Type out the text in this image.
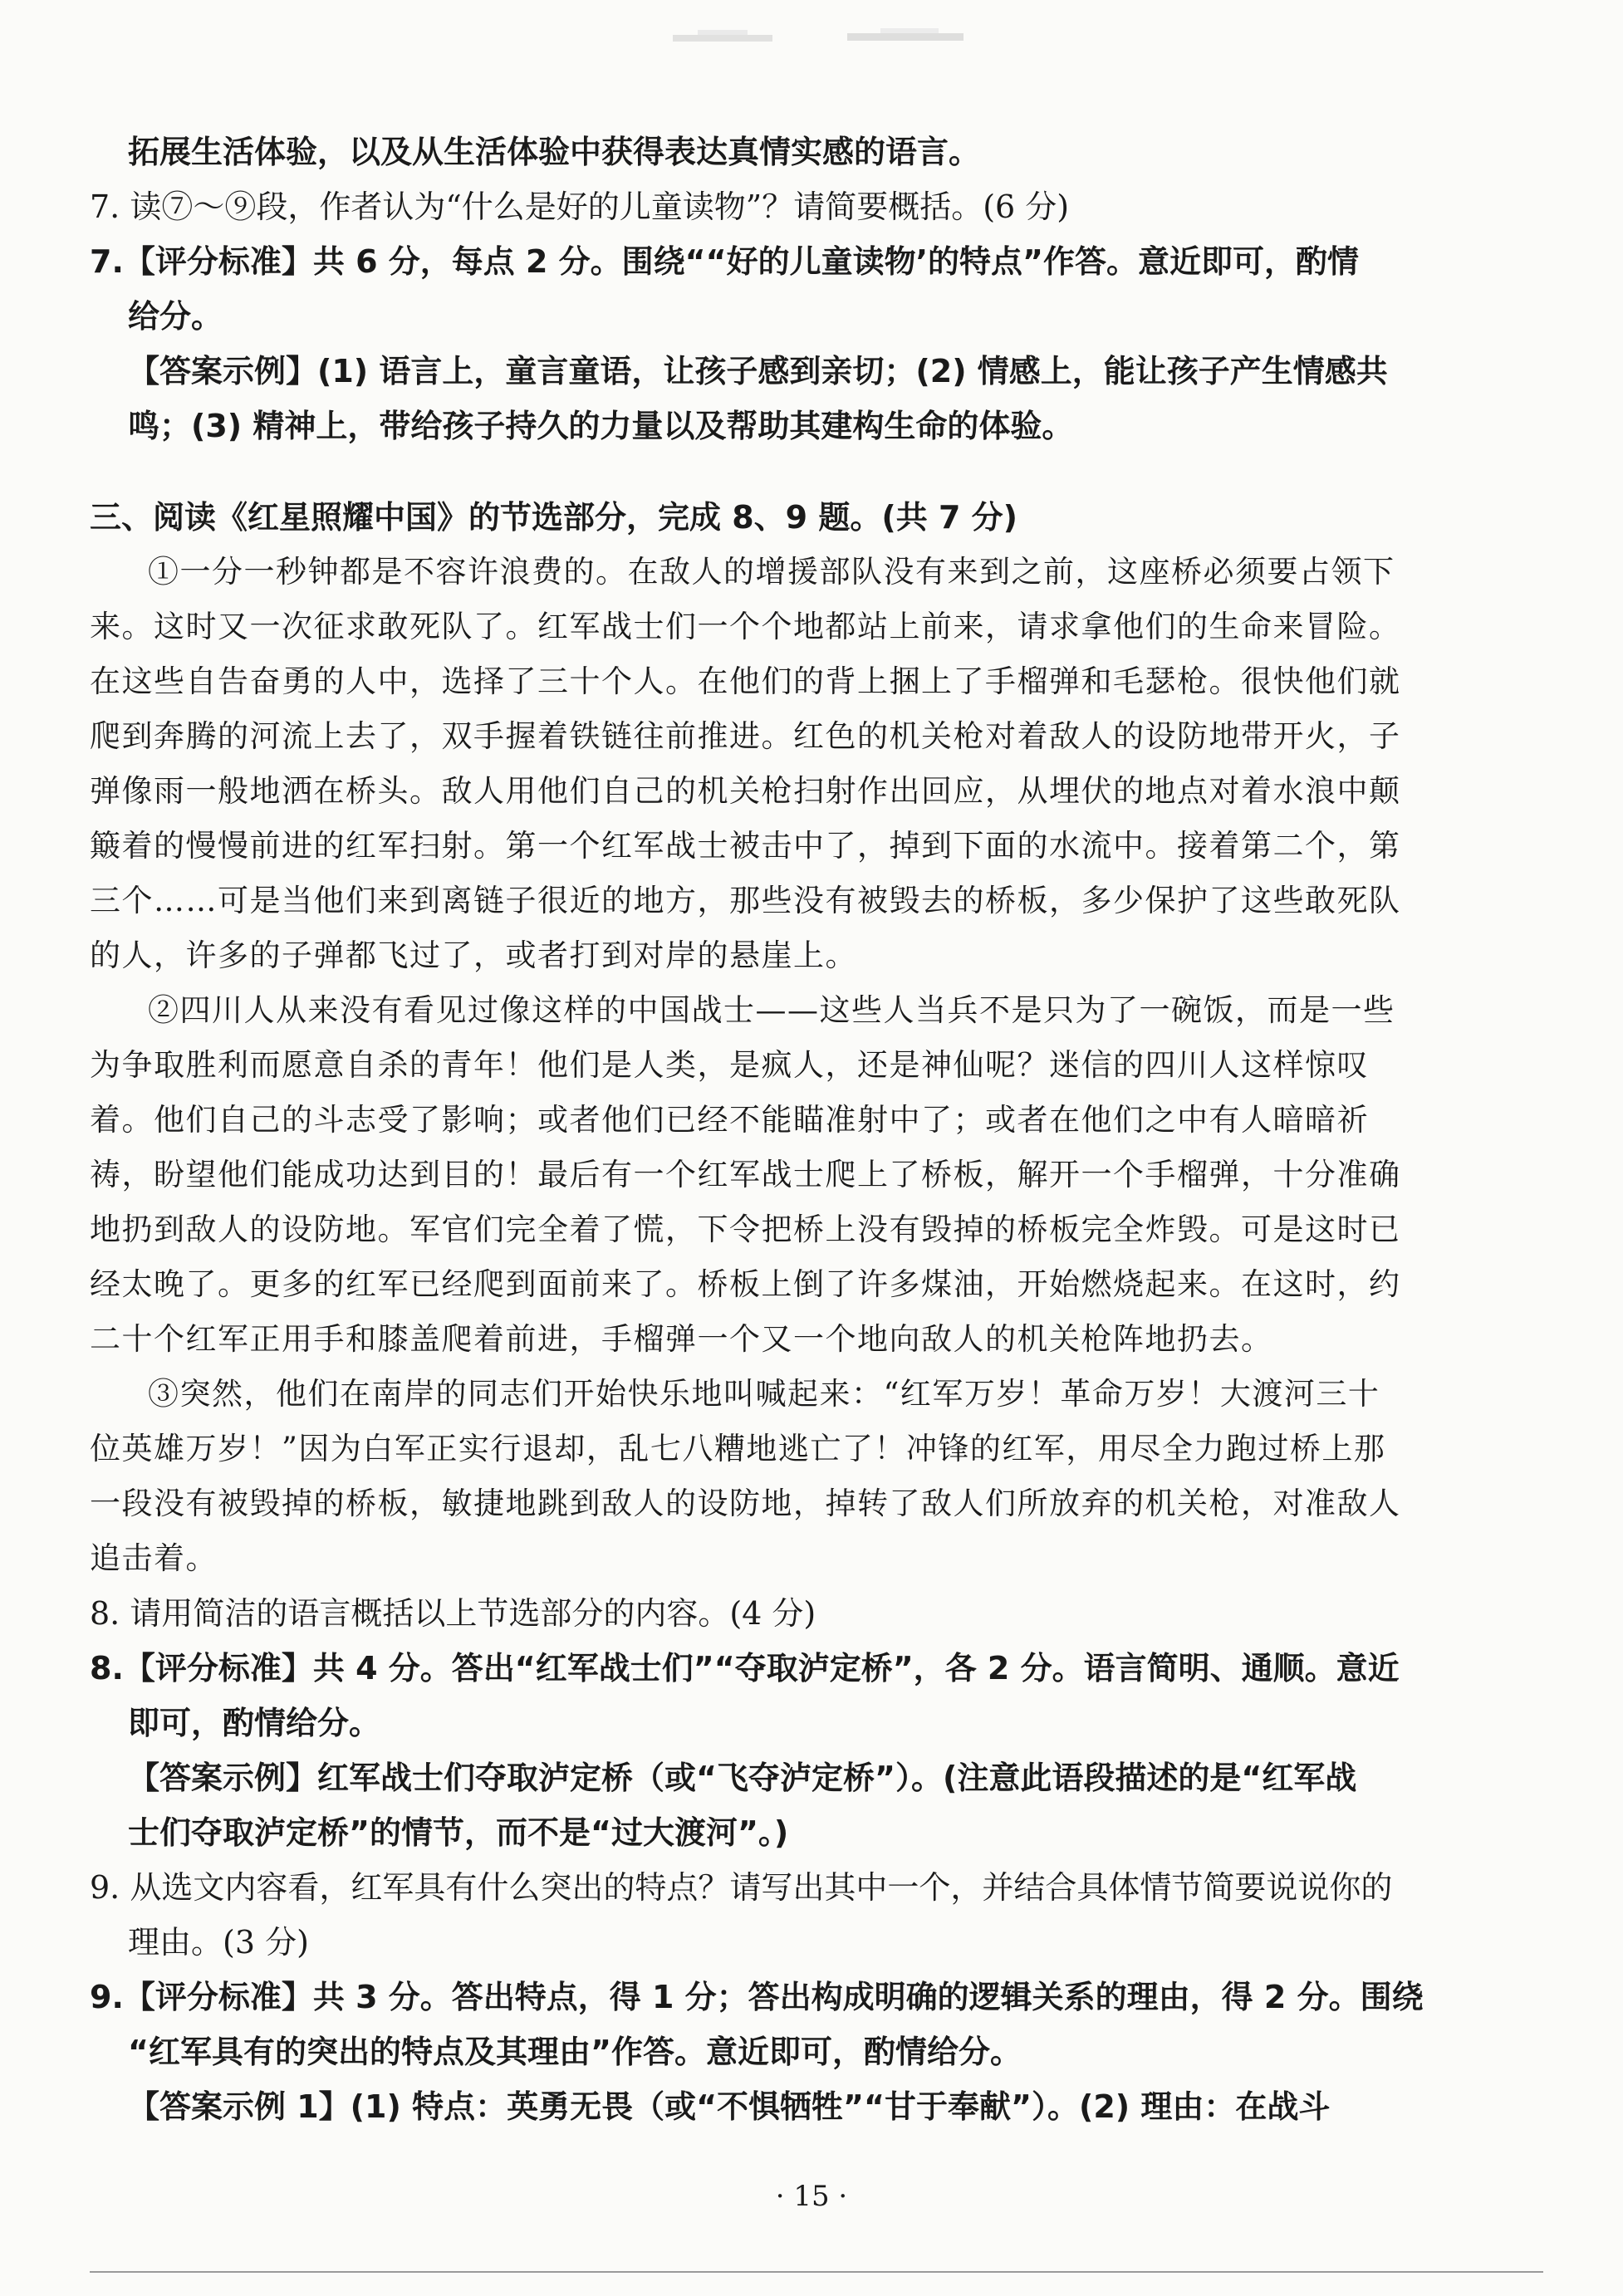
拓展生活体验，以及从生活体验中获得表达真情实感的语言。
7. 读⑦～⑨段，作者认为“什么是好的儿童读物”？请简要概括。(6 分)
7.【评分标准】共 6 分，每点 2 分。围绕““好的儿童读物’的特点”作答。意近即可，酌情
给分。
【答案示例】(1) 语言上，童言童语，让孩子感到亲切；(2) 情感上，能让孩子产生情感共
鸣；(3) 精神上，带给孩子持久的力量以及帮助其建构生命的体验。
三、阅读《红星照耀中国》的节选部分，完成 8、9 题。(共 7 分)
①一分一秒钟都是不容许浪费的。在敌人的增援部队没有来到之前，这座桥必须要占领下
来。这时又一次征求敢死队了。红军战士们一个个地都站上前来，请求拿他们的生命来冒险。
在这些自告奋勇的人中，选择了三十个人。在他们的背上捆上了手榴弹和毛瑟枪。很快他们就
爬到奔腾的河流上去了，双手握着铁链往前推进。红色的机关枪对着敌人的设防地带开火，子
弹像雨一般地洒在桥头。敌人用他们自己的机关枪扫射作出回应，从埋伏的地点对着水浪中颠
簸着的慢慢前进的红军扫射。第一个红军战士被击中了，掉到下面的水流中。接着第二个，第
三个……可是当他们来到离链子很近的地方，那些没有被毁去的桥板，多少保护了这些敢死队
的人，许多的子弹都飞过了，或者打到对岸的悬崖上。
②四川人从来没有看见过像这样的中国战士——这些人当兵不是只为了一碗饭，而是一些
为争取胜利而愿意自杀的青年！他们是人类，是疯人，还是神仙呢？迷信的四川人这样惊叹
着。他们自己的斗志受了影响；或者他们已经不能瞄准射中了；或者在他们之中有人暗暗祈
祷，盼望他们能成功达到目的！最后有一个红军战士爬上了桥板，解开一个手榴弹，十分准确
地扔到敌人的设防地。军官们完全着了慌，下令把桥上没有毁掉的桥板完全炸毁。可是这时已
经太晚了。更多的红军已经爬到面前来了。桥板上倒了许多煤油，开始燃烧起来。在这时，约
二十个红军正用手和膝盖爬着前进，手榴弹一个又一个地向敌人的机关枪阵地扔去。
③突然，他们在南岸的同志们开始快乐地叫喊起来：“红军万岁！革命万岁！大渡河三十
位英雄万岁！”因为白军正实行退却，乱七八糟地逃亡了！冲锋的红军，用尽全力跑过桥上那
一段没有被毁掉的桥板，敏捷地跳到敌人的设防地，掉转了敌人们所放弃的机关枪，对准敌人
追击着。
8. 请用简洁的语言概括以上节选部分的内容。(4 分)
8.【评分标准】共 4 分。答出“红军战士们”“夺取泸定桥”，各 2 分。语言简明、通顺。意近
即可，酌情给分。
【答案示例】红军战士们夺取泸定桥（或“飞夺泸定桥”）。(注意此语段描述的是“红军战
士们夺取泸定桥”的情节，而不是“过大渡河”。)
9. 从选文内容看，红军具有什么突出的特点？请写出其中一个，并结合具体情节简要说说你的
理由。(3 分)
9.【评分标准】共 3 分。答出特点，得 1 分；答出构成明确的逻辑关系的理由，得 2 分。围绕
“红军具有的突出的特点及其理由”作答。意近即可，酌情给分。
【答案示例 1】(1) 特点：英勇无畏（或“不惧牺牲”“甘于奉献”）。(2) 理由：在战斗
· 15 ·
